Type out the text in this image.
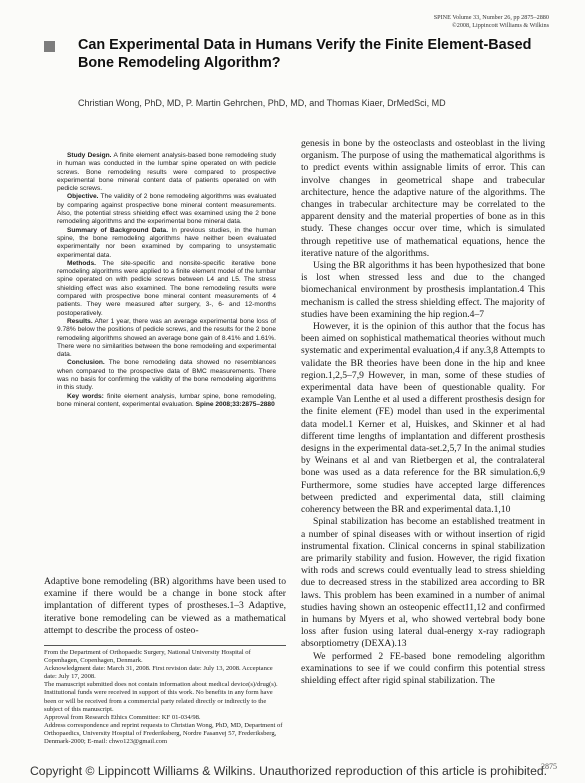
SPINE Volume 33, Number 26, pp 2875–2880
©2008, Lippincott Williams & Wilkins
Can Experimental Data in Humans Verify the Finite Element-Based Bone Remodeling Algorithm?
Christian Wong, PhD, MD, P. Martin Gehrchen, PhD, MD, and Thomas Kiaer, DrMedSci, MD

Study Design. A finite element analysis-based bone remodeling study in human was conducted in the lumbar spine operated on with pedicle screws. Bone remodeling results were compared to prospective experimental bone mineral content data of patients operated on with pedicle screws.

Objective. The validity of 2 bone remodeling algorithms was evaluated by comparing against prospective bone mineral content measurements. Also, the potential stress shielding effect was examined using the 2 bone remodeling algorithms and the experimental bone mineral data.

Summary of Background Data. In previous studies, in the human spine, the bone remodeling algorithms have neither been evaluated experimentally nor been examined by comparing to unsystematic experimental data.

Methods. The site-specific and nonsite-specific iterative bone remodeling algorithms were applied to a finite element model of the lumbar spine operated on with pedicle screws between L4 and L5. The stress shielding effect was also examined. The bone remodeling results were compared with prospective bone mineral content measurements of 4 patients. They were measured after surgery, 3-, 6- and 12-months postoperatively.

Results. After 1 year, there was an average experimental bone loss of 9.78% below the positions of pedicle screws, and the results for the 2 bone remodeling algorithms showed an average bone gain of 8.41% and 1.61%. There were no similarities between the bone remodeling and experimental data.

Conclusion. The bone remodeling data showed no resemblances when compared to the prospective data of BMC measurements. There was no basis for confirming the validity of the bone remodeling algorithms in this study.

Key words: finite element analysis, lumbar spine, bone remodeling, bone mineral content, experimental evaluation. Spine 2008;33:2875–2880

Adaptive bone remodeling (BR) algorithms have been used to examine if there would be a change in bone stock after implantation of different types of prostheses.1–3 Adaptive, iterative bone remodeling can be viewed as a mathematical attempt to describe the process of osteo-

From the Department of Orthopaedic Surgery, National University Hospital of Copenhagen, Copenhagen, Denmark.
Acknowledgment date: March 31, 2008. First revision date: July 13, 2008. Acceptance date: July 17, 2008.
The manuscript submitted does not contain information about medical device(s)/drug(s).
Institutional funds were received in support of this work. No benefits in any form have been or will be received from a commercial party related directly or indirectly to the subject of this manuscript.
Approval from Research Ethics Committee: KF 01-034/98.
Address correspondence and reprint requests to Christian Wong, PhD, MD, Department of Orthopaedics, University Hospital of Frederiksberg, Nordre Fasanvej 57, Frederiksberg, Denmark-2000; E-mail: chwo123@gmail.com

genesis in bone by the osteoclasts and osteoblast in the living organism. The purpose of using the mathematical algorithms is to predict events within assignable limits of error. This can involve changes in geometrical shape and trabecular architecture, hence the adaptive nature of the algorithms. The changes in trabecular architecture may be correlated to the apparent density and the material properties of bone as in this study. These changes occur over time, which is simulated through repetitive use of mathematical equations, hence the iterative nature of the algorithms.

Using the BR algorithms it has been hypothesized that bone is lost when stressed less and due to the changed biomechanical environment by prosthesis implantation.4 This mechanism is called the stress shielding effect. The majority of studies have been examining the hip region.4–7

However, it is the opinion of this author that the focus has been aimed on sophistical mathematical theories without much systematic and experimental evaluation,4 if any.3,8 Attempts to validate the BR theories have been done in the hip and knee region.1,2,5–7,9 However, in man, some of these studies of experimental data have been of questionable quality. For example Van Lenthe et al used a different prosthesis design for the finite element (FE) model than used in the experimental data model.1 Kerner et al, Huiskes, and Skinner et al had different time lengths of implantation and different prosthesis designs in the experimental data-set.2,5,7 In the animal studies by Weinans et al and van Rietbergen et al, the contralateral bone was used as a data reference for the BR simulation.6,9 Furthermore, some studies have accepted large differences between predicted and experimental data, still claiming coherency between the BR and experimental data.1,10

Spinal stabilization has become an established treatment in a number of spinal diseases with or without insertion of rigid instrumental fixation. Clinical concerns in spinal stabilization are primarily stability and fusion. However, the rigid fixation with rods and screws could eventually lead to stress shielding due to decreased stress in the stabilized area according to BR laws. This problem has been examined in a number of animal studies having shown an osteopenic effect11,12 and confirmed in humans by Myers et al, who showed vertebral body bone loss after fusion using lateral dual-energy x-ray radiograph absorptiometry (DEXA).13

We performed 2 FE-based bone remodeling algorithm examinations to see if we could confirm this potential stress shielding effect after rigid spinal stabilization. The

Copyright © Lippincott Williams & Wilkins. Unauthorized reproduction of this article is prohibited.
2875
